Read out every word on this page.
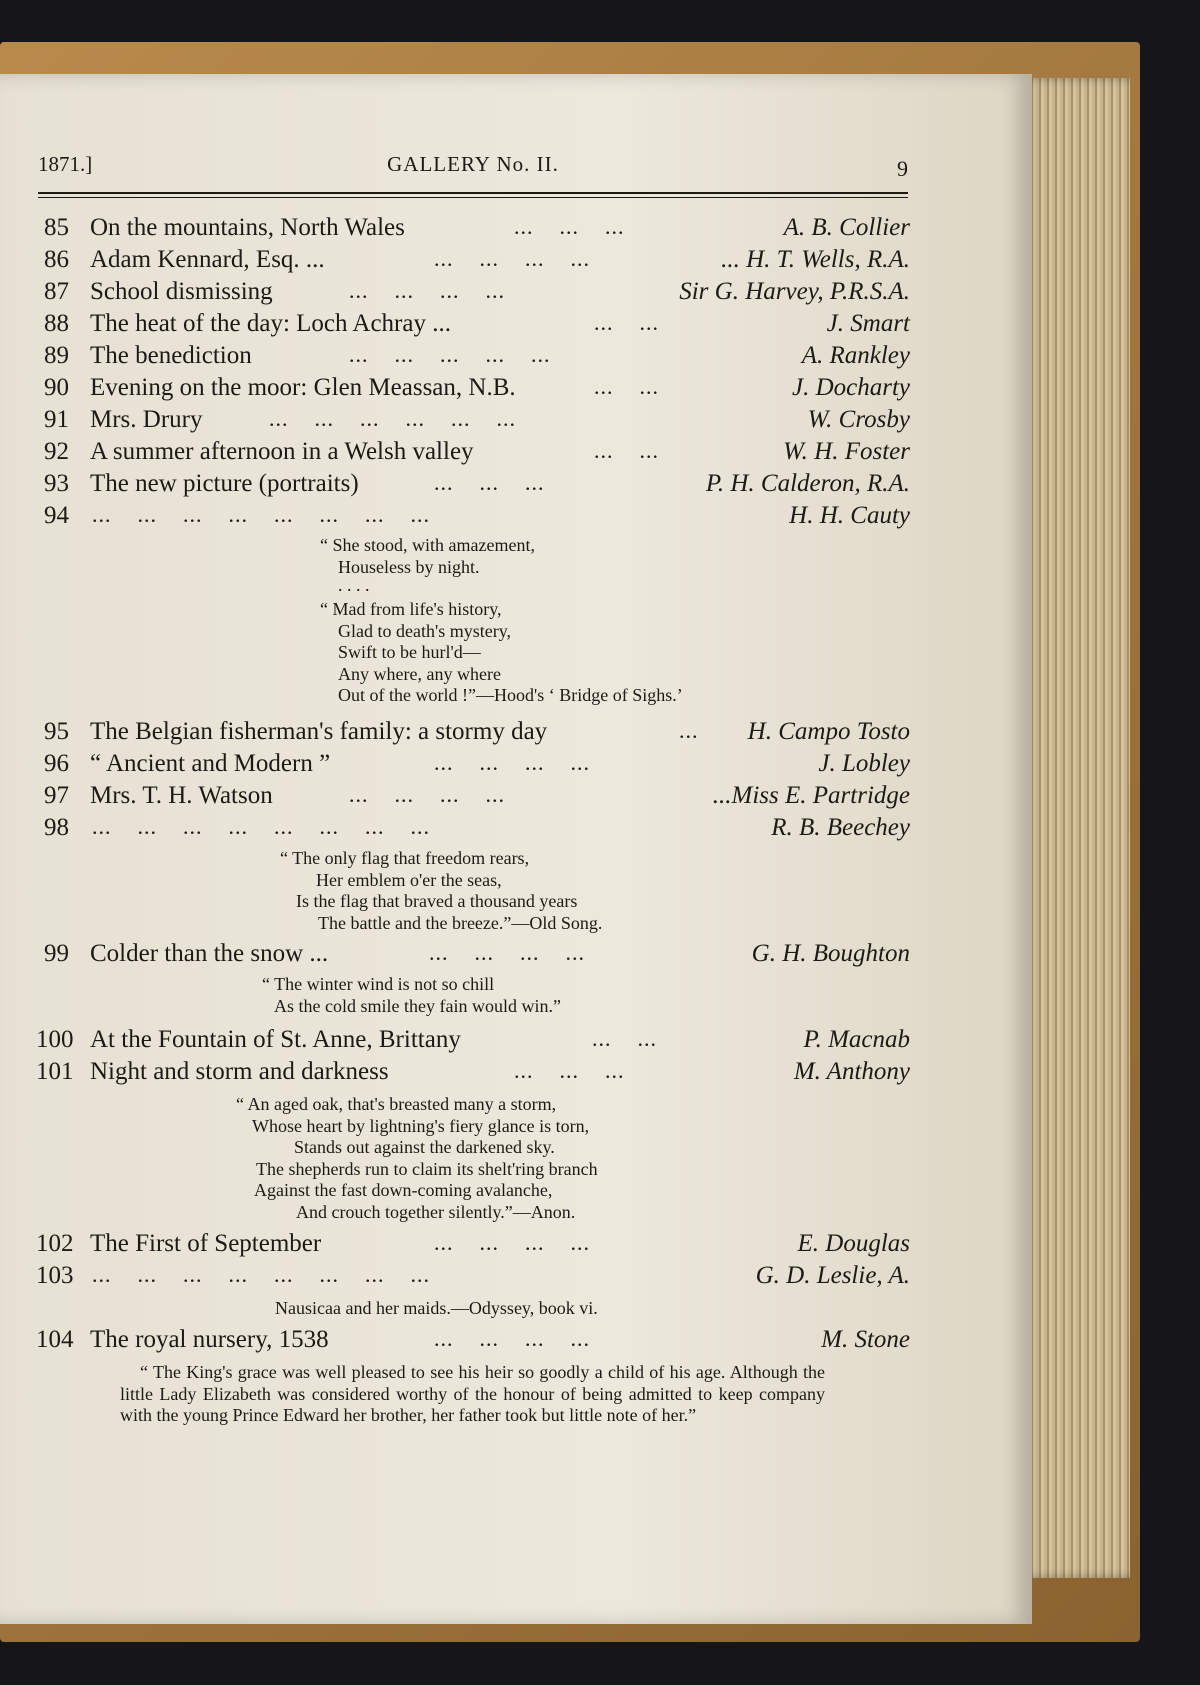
1871.]	GALLERY No. II.	9
85 On the mountains, North Wales	...    ...    ...	A. B. Collier
86 Adam Kennard, Esq. ...	...    ...    ...    ...	... H. T. Wells, R.A.
87 School dismissing	...    ...    ...    ...	Sir G. Harvey, P.R.S.A.
88 The heat of the day: Loch Achray ...	...    ...	J. Smart
89 The benediction	...    ...    ...    ...    ...	A. Rankley
90 Evening on the moor: Glen Meassan, N.B.	...    ...	J. Docharty
91 Mrs. Drury	...    ...    ...    ...    ...    ...	W. Crosby
92 A summer afternoon in a Welsh valley	...    ...	W. H. Foster
93 The new picture (portraits)	...    ...    ...	P. H. Calderon, R.A.
94 ...    ...    ...    ...    ...    ...    ...    ...	H. H. Cauty
“ She stood, with amazement,
Houseless by night.
. . . .
“ Mad from life's history,
Glad to death's mystery,
Swift to be hurl'd—
Any where, any where
Out of the world !”—Hood's ‘ Bridge of Sighs.’
95 The Belgian fisherman's family: a stormy day	... H. Campo Tosto
96 “ Ancient and Modern ”	...    ...    ...    ...	J. Lobley
97 Mrs. T. H. Watson	...    ...    ...    ...	...Miss E. Partridge
98 ...    ...    ...    ...    ...    ...    ...    ...	R. B. Beechey
“ The only flag that freedom rears,
Her emblem o'er the seas,
Is the flag that braved a thousand years
The battle and the breeze.”—Old Song.
99 Colder than the snow ...	...    ...    ...    ...	G. H. Boughton
“ The winter wind is not so chill
As the cold smile they fain would win.”
100 At the Fountain of St. Anne, Brittany	...    ...	P. Macnab
101 Night and storm and darkness	...    ...    ...	M. Anthony
“ An aged oak, that's breasted many a storm,
Whose heart by lightning's fiery glance is torn,
Stands out against the darkened sky.
The shepherds run to claim its shelt'ring branch
Against the fast down-coming avalanche,
And crouch together silently.”—Anon.
102 The First of September	...    ...    ...    ...	E. Douglas
103 ...    ...    ...    ...    ...    ...    ...    ...	G. D. Leslie, A.
Nausicaa and her maids.—Odyssey, book vi.
104 The royal nursery, 1538	...    ...    ...    ...	M. Stone
“ The King's grace was well pleased to see his heir so goodly a child of his age. Although the little Lady Elizabeth was considered worthy of the honour of being admitted to keep company with the young Prince Edward her brother, her father took but little note of her.”
